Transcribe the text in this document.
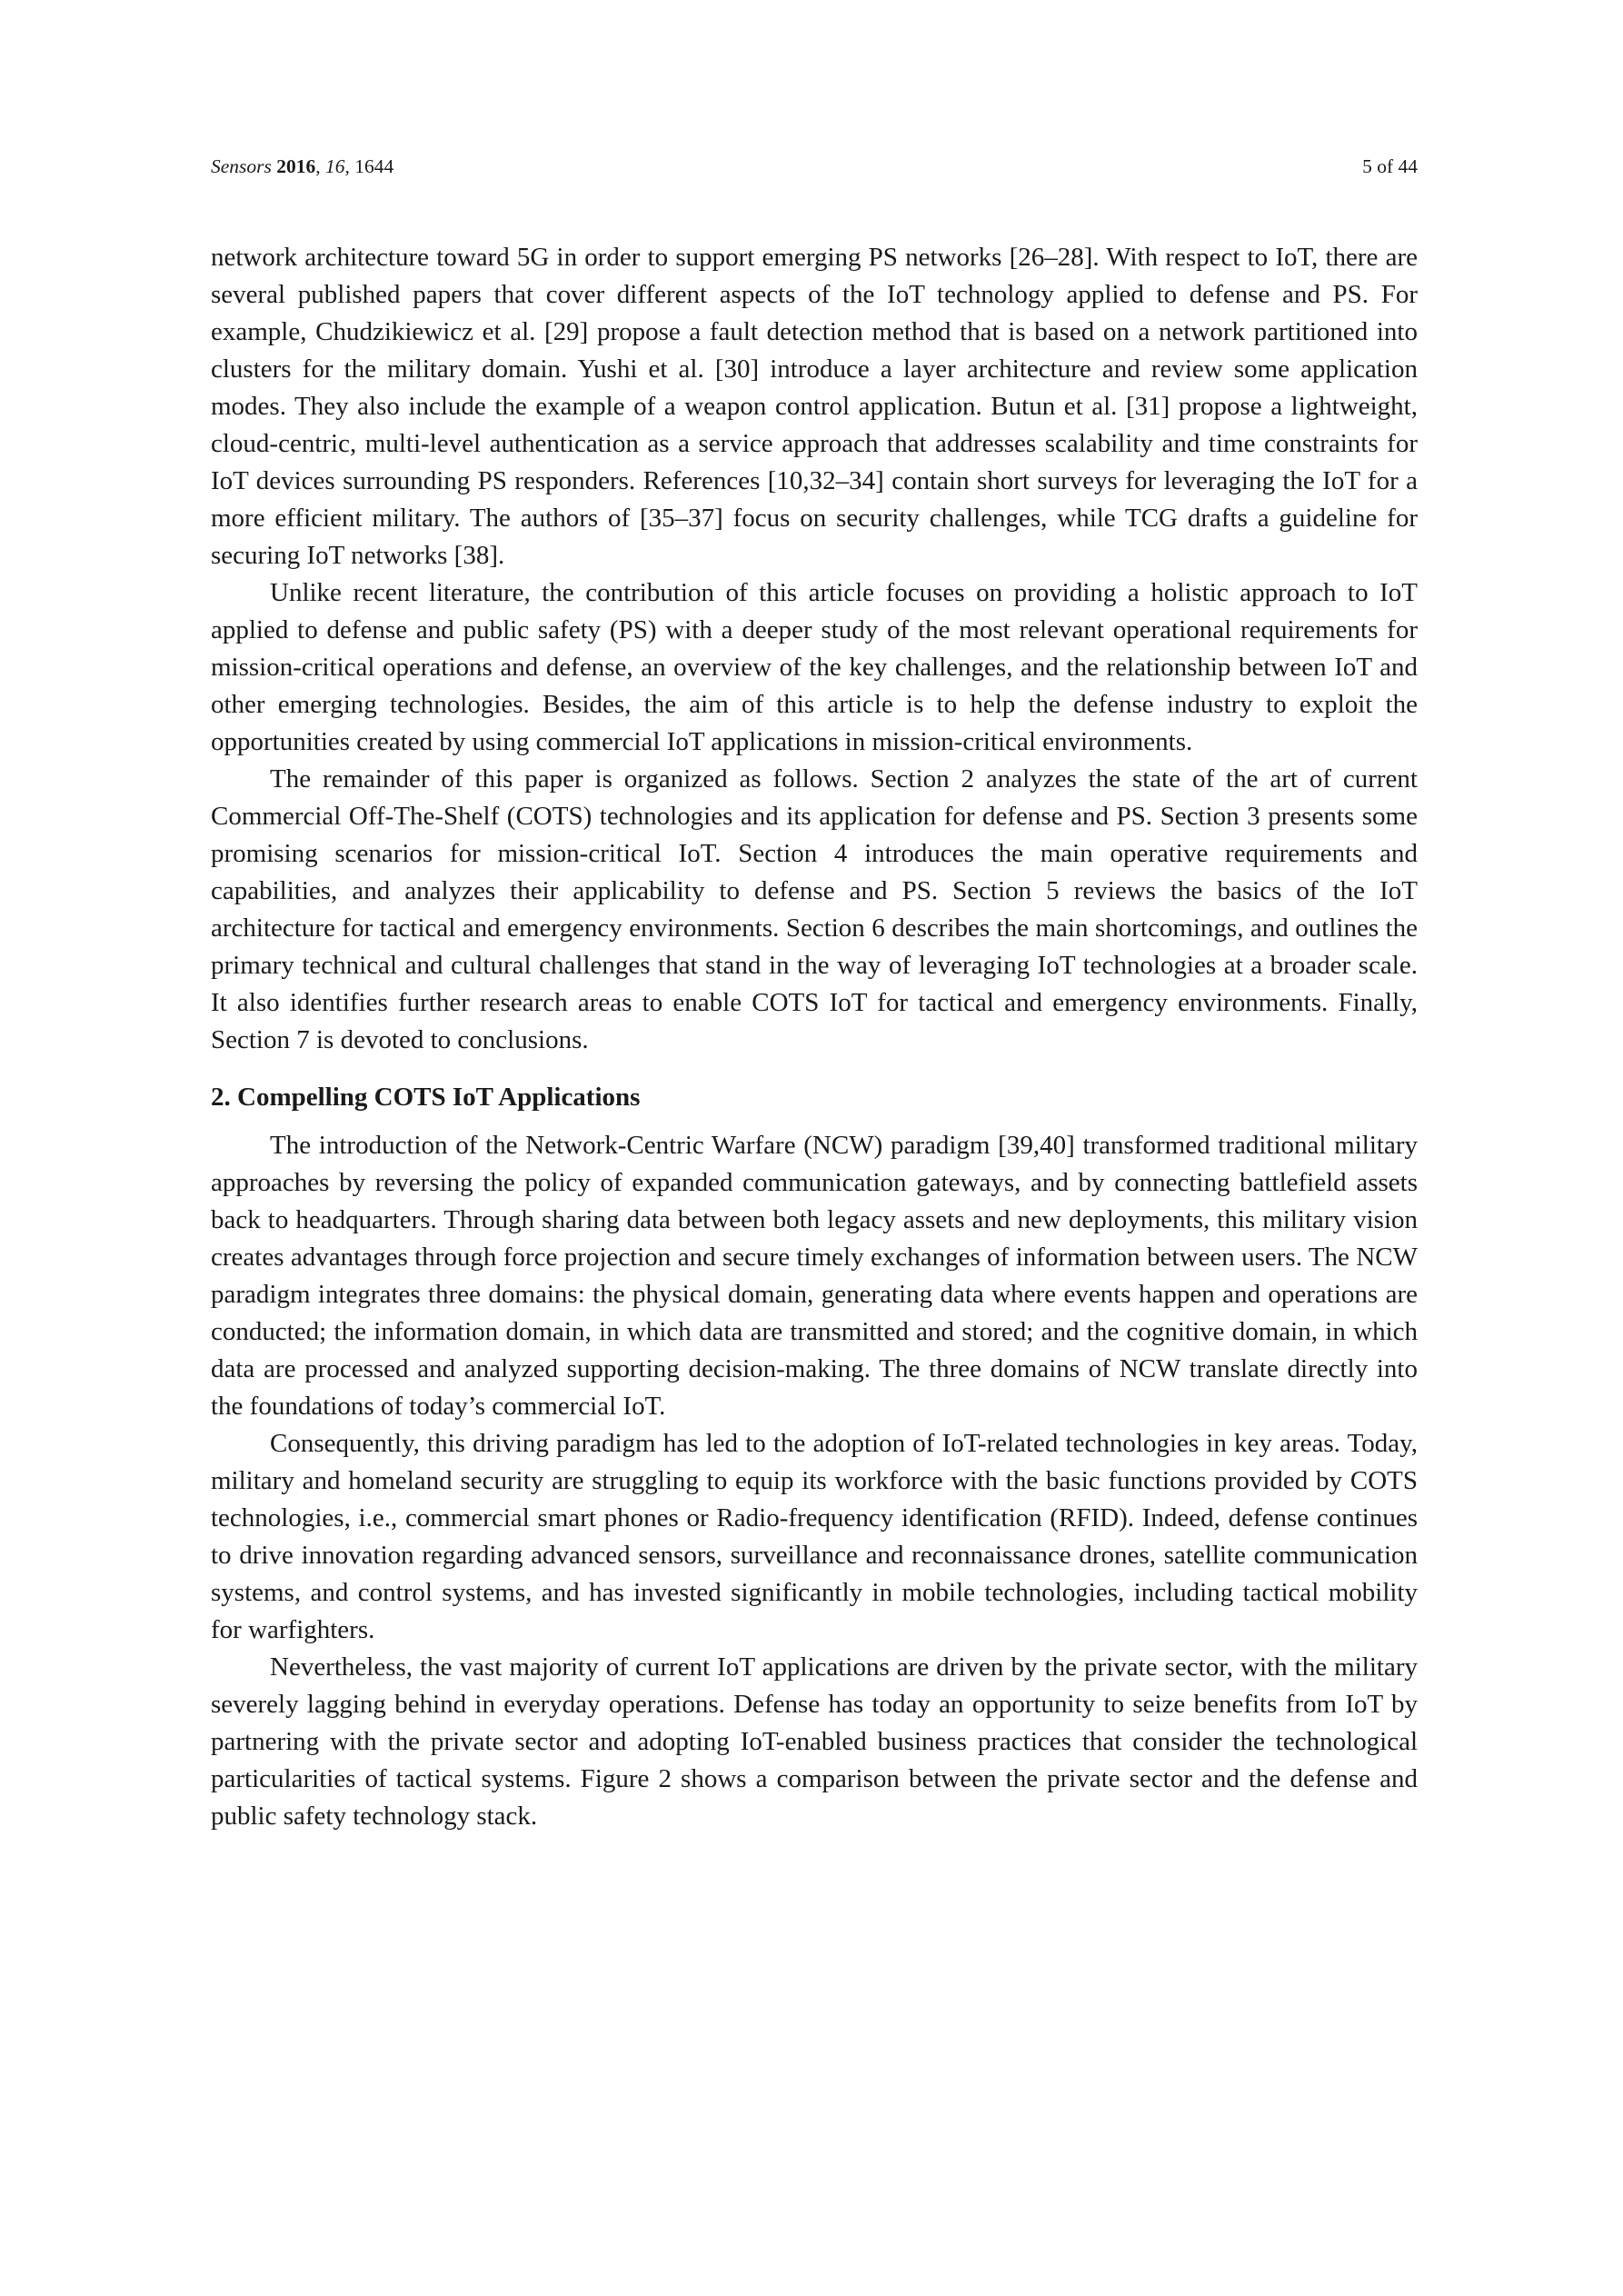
Sensors 2016, 16, 1644	5 of 44

network architecture toward 5G in order to support emerging PS networks [26–28]. With respect to IoT, there are several published papers that cover different aspects of the IoT technology applied to defense and PS. For example, Chudzikiewicz et al. [29] propose a fault detection method that is based on a network partitioned into clusters for the military domain. Yushi et al. [30] introduce a layer architecture and review some application modes. They also include the example of a weapon control application. Butun et al. [31] propose a lightweight, cloud-centric, multi-level authentication as a service approach that addresses scalability and time constraints for IoT devices surrounding PS responders. References [10,32–34] contain short surveys for leveraging the IoT for a more efficient military. The authors of [35–37] focus on security challenges, while TCG drafts a guideline for securing IoT networks [38].

Unlike recent literature, the contribution of this article focuses on providing a holistic approach to IoT applied to defense and public safety (PS) with a deeper study of the most relevant operational requirements for mission-critical operations and defense, an overview of the key challenges, and the relationship between IoT and other emerging technologies. Besides, the aim of this article is to help the defense industry to exploit the opportunities created by using commercial IoT applications in mission-critical environments.

The remainder of this paper is organized as follows. Section 2 analyzes the state of the art of current Commercial Off-The-Shelf (COTS) technologies and its application for defense and PS. Section 3 presents some promising scenarios for mission-critical IoT. Section 4 introduces the main operative requirements and capabilities, and analyzes their applicability to defense and PS. Section 5 reviews the basics of the IoT architecture for tactical and emergency environments. Section 6 describes the main shortcomings, and outlines the primary technical and cultural challenges that stand in the way of leveraging IoT technologies at a broader scale. It also identifies further research areas to enable COTS IoT for tactical and emergency environments. Finally, Section 7 is devoted to conclusions.

2. Compelling COTS IoT Applications

The introduction of the Network-Centric Warfare (NCW) paradigm [39,40] transformed traditional military approaches by reversing the policy of expanded communication gateways, and by connecting battlefield assets back to headquarters. Through sharing data between both legacy assets and new deployments, this military vision creates advantages through force projection and secure timely exchanges of information between users. The NCW paradigm integrates three domains: the physical domain, generating data where events happen and operations are conducted; the information domain, in which data are transmitted and stored; and the cognitive domain, in which data are processed and analyzed supporting decision-making. The three domains of NCW translate directly into the foundations of today’s commercial IoT.

Consequently, this driving paradigm has led to the adoption of IoT-related technologies in key areas. Today, military and homeland security are struggling to equip its workforce with the basic functions provided by COTS technologies, i.e., commercial smart phones or Radio-frequency identification (RFID). Indeed, defense continues to drive innovation regarding advanced sensors, surveillance and reconnaissance drones, satellite communication systems, and control systems, and has invested significantly in mobile technologies, including tactical mobility for warfighters.

Nevertheless, the vast majority of current IoT applications are driven by the private sector, with the military severely lagging behind in everyday operations. Defense has today an opportunity to seize benefits from IoT by partnering with the private sector and adopting IoT-enabled business practices that consider the technological particularities of tactical systems. Figure 2 shows a comparison between the private sector and the defense and public safety technology stack.
